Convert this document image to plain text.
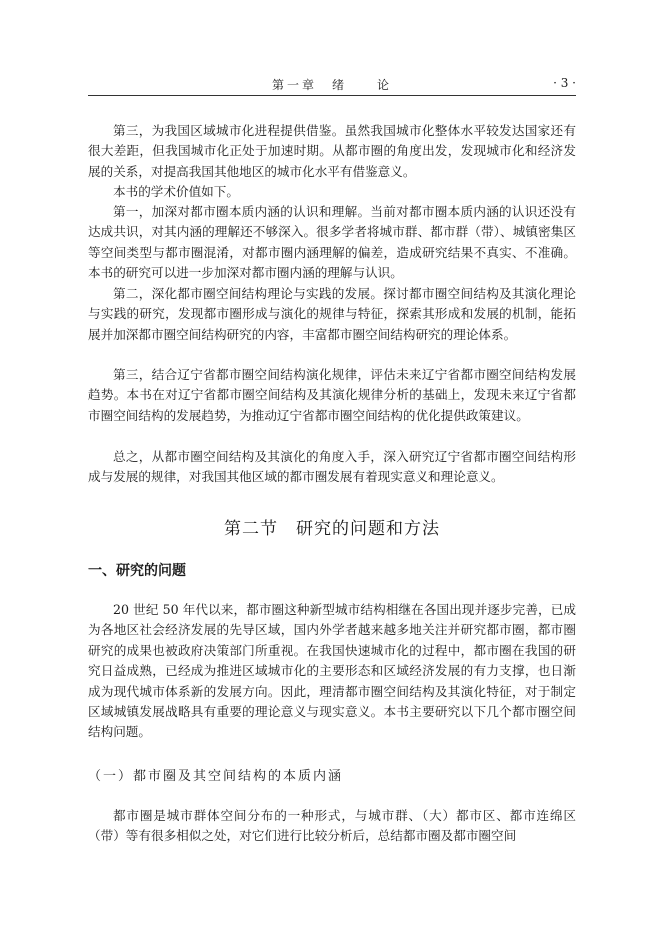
第一章　绪　　论	· 3 ·

第三，为我国区域城市化进程提供借鉴。虽然我国城市化整体水平较发达国家还有很大差距，但我国城市化正处于加速时期。从都市圈的角度出发，发现城市化和经济发展的关系，对提高我国其他地区的城市化水平有借鉴意义。

本书的学术价值如下。

第一，加深对都市圈本质内涵的认识和理解。当前对都市圈本质内涵的认识还没有达成共识，对其内涵的理解还不够深入。很多学者将城市群、都市群（带）、城镇密集区等空间类型与都市圈混淆，对都市圈内涵理解的偏差，造成研究结果不真实、不准确。本书的研究可以进一步加深对都市圈内涵的理解与认识。

第二，深化都市圈空间结构理论与实践的发展。探讨都市圈空间结构及其演化理论与实践的研究，发现都市圈形成与演化的规律与特征，探索其形成和发展的机制，能拓展并加深都市圈空间结构研究的内容，丰富都市圈空间结构研究的理论体系。

第三，结合辽宁省都市圈空间结构演化规律，评估未来辽宁省都市圈空间结构发展趋势。本书在对辽宁省都市圈空间结构及其演化规律分析的基础上，发现未来辽宁省都市圈空间结构的发展趋势，为推动辽宁省都市圈空间结构的优化提供政策建议。

总之，从都市圈空间结构及其演化的角度入手，深入研究辽宁省都市圈空间结构形成与发展的规律，对我国其他区域的都市圈发展有着现实意义和理论意义。

第二节　研究的问题和方法
一、研究的问题

20 世纪 50 年代以来，都市圈这种新型城市结构相继在各国出现并逐步完善，已成为各地区社会经济发展的先导区域，国内外学者越来越多地关注并研究都市圈，都市圈研究的成果也被政府决策部门所重视。在我国快速城市化的过程中，都市圈在我国的研究日益成熟，已经成为推进区域城市化的主要形态和区域经济发展的有力支撑，也日渐成为现代城市体系新的发展方向。因此，理清都市圈空间结构及其演化特征，对于制定区域城镇发展战略具有重要的理论意义与现实意义。本书主要研究以下几个都市圈空间结构问题。

（一）都市圈及其空间结构的本质内涵

都市圈是城市群体空间分布的一种形式，与城市群、（大）都市区、都市连绵区（带）等有很多相似之处，对它们进行比较分析后，总结都市圈及都市圈空间
